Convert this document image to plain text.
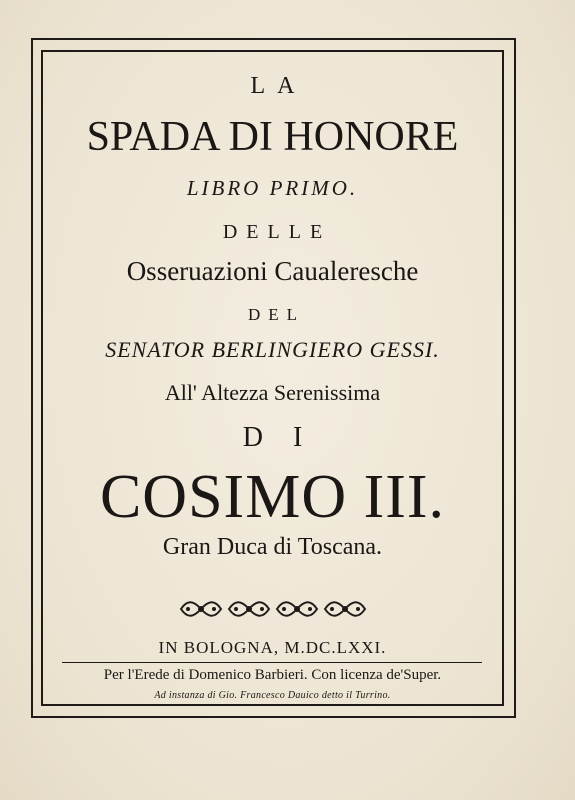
LA
SPADA DI HONORE
LIBRO PRIMO.
DELLE
Osseruazioni Caualeresche
DEL
SENATOR BERLINGIERO GESSI.
All' Altezza Serenissima
DI
COSIMO III.
Gran Duca di Toscana.
IN BOLOGNA, M.DC.LXXI.
Per l'Erede di Domenico Barbieri. Con licenza de'Super.
Ad instanza di Gio. Francesco Dauico detto il Turrino.
